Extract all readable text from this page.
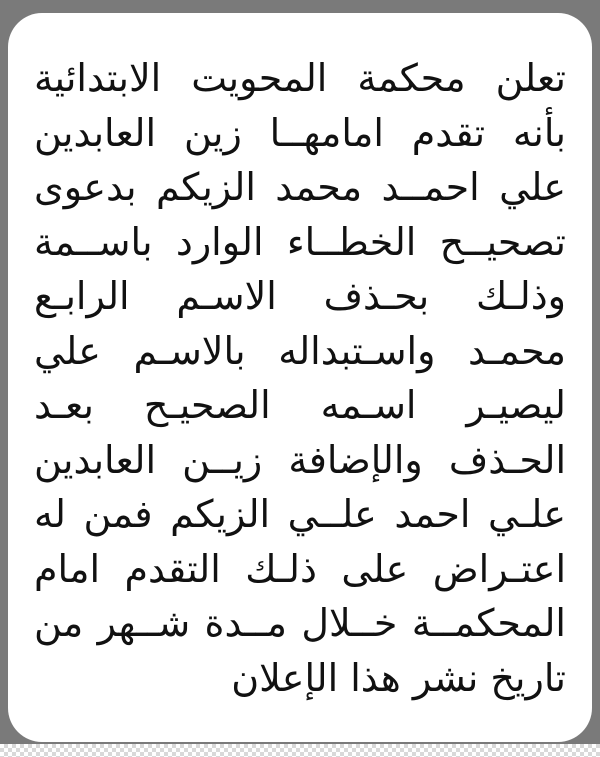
تعلن محكمة المحويت الابتدائية
بأنه تقدم امامهــا زين العابدين
علي احمــد محمد الزيكم بدعوى
تصحيــح الخطــاء الوارد باســمة
وذلـك بحـذف الاسـم الرابـع
محمـد واسـتبداله بالاسـم علي
ليصيـر اسـمه الصحيـح بعـد
الحـذف والإضافة زيــن العابدين
علـي احمد علــي الزيكم فمن له
اعتـراض على ذلـك التقدم امام
المحكمــة خــلال مــدة شــهر من
تاريخ نشر هذا الإعلان
